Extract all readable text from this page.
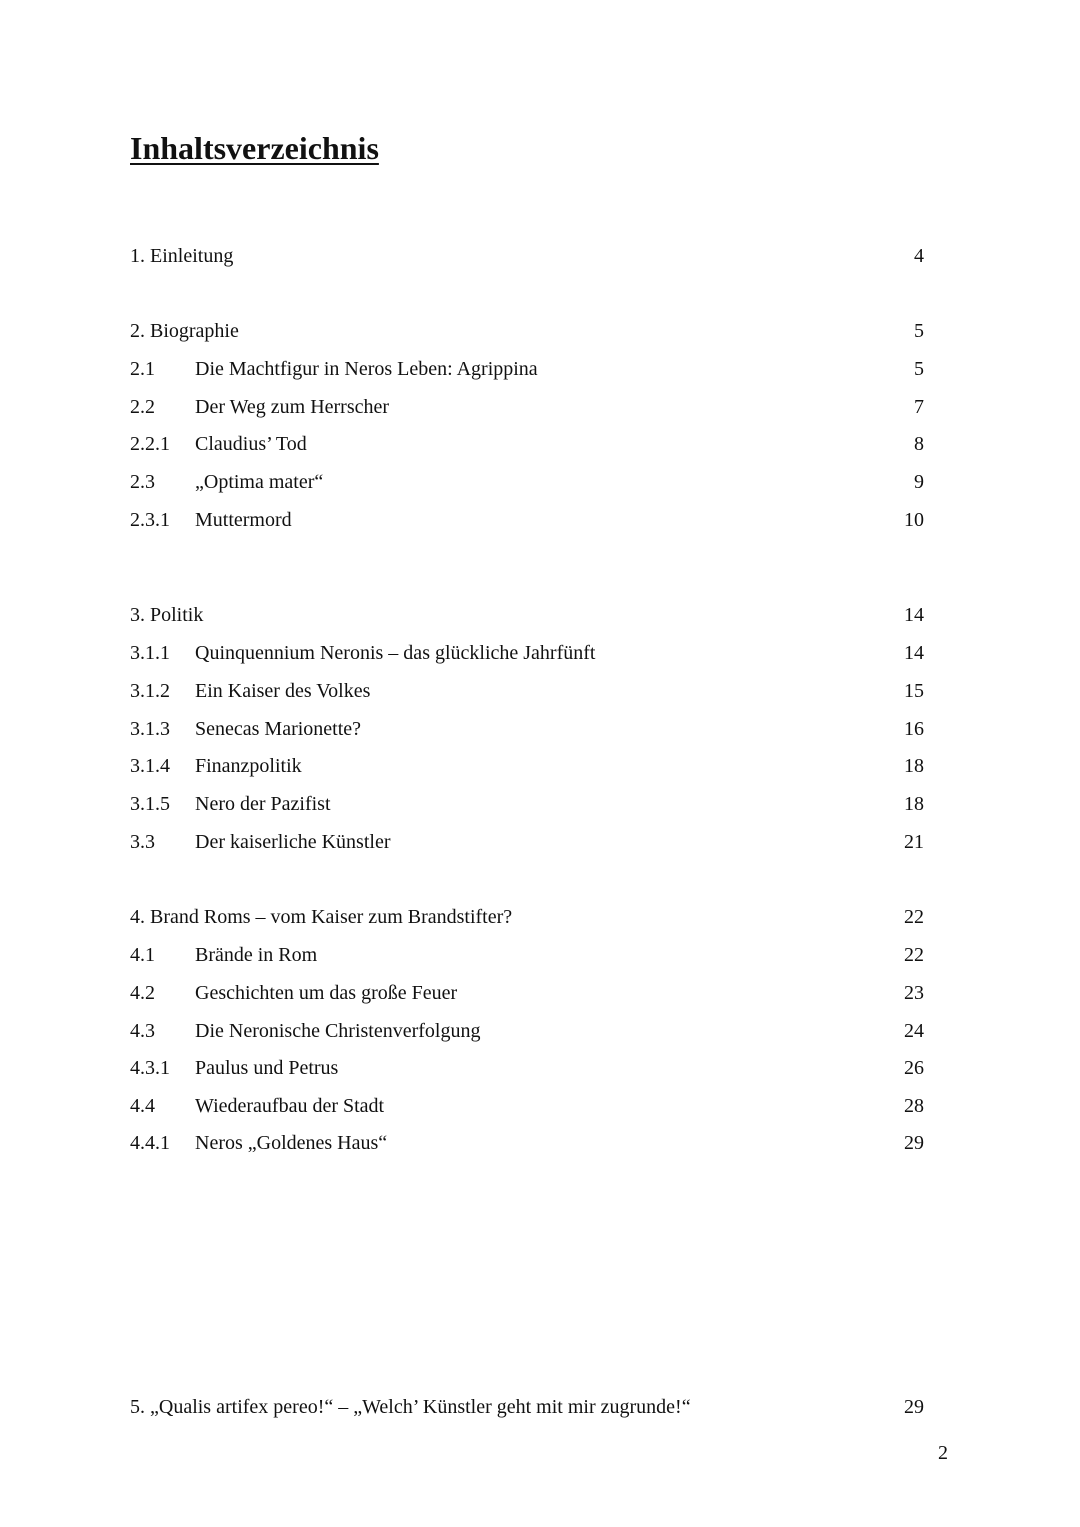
Inhaltsverzeichnis
1. Einleitung	4
2. Biographie	5
2.1 Die Machtfigur in Neros Leben: Agrippina	5
2.2 Der Weg zum Herrscher	7
2.2.1 Claudius’ Tod	8
2.3 „Optima mater“	9
2.3.1 Muttermord	10
3. Politik	14
3.1.1 Quinquennium Neronis – das glückliche Jahrfünft	14
3.1.2 Ein Kaiser des Volkes	15
3.1.3 Senecas Marionette?	16
3.1.4 Finanzpolitik	18
3.1.5 Nero der Pazifist	18
3.3 Der kaiserliche Künstler	21
4. Brand Roms – vom Kaiser zum Brandstifter?	22
4.1 Brände in Rom	22
4.2 Geschichten um das große Feuer	23
4.3 Die Neronische Christenverfolgung	24
4.3.1 Paulus und Petrus	26
4.4 Wiederaufbau der Stadt	28
4.4.1 Neros „Goldenes Haus“	29
5. „Qualis artifex pereo!“ – „Welch’ Künstler geht mit mir zugrunde!“	29
2
